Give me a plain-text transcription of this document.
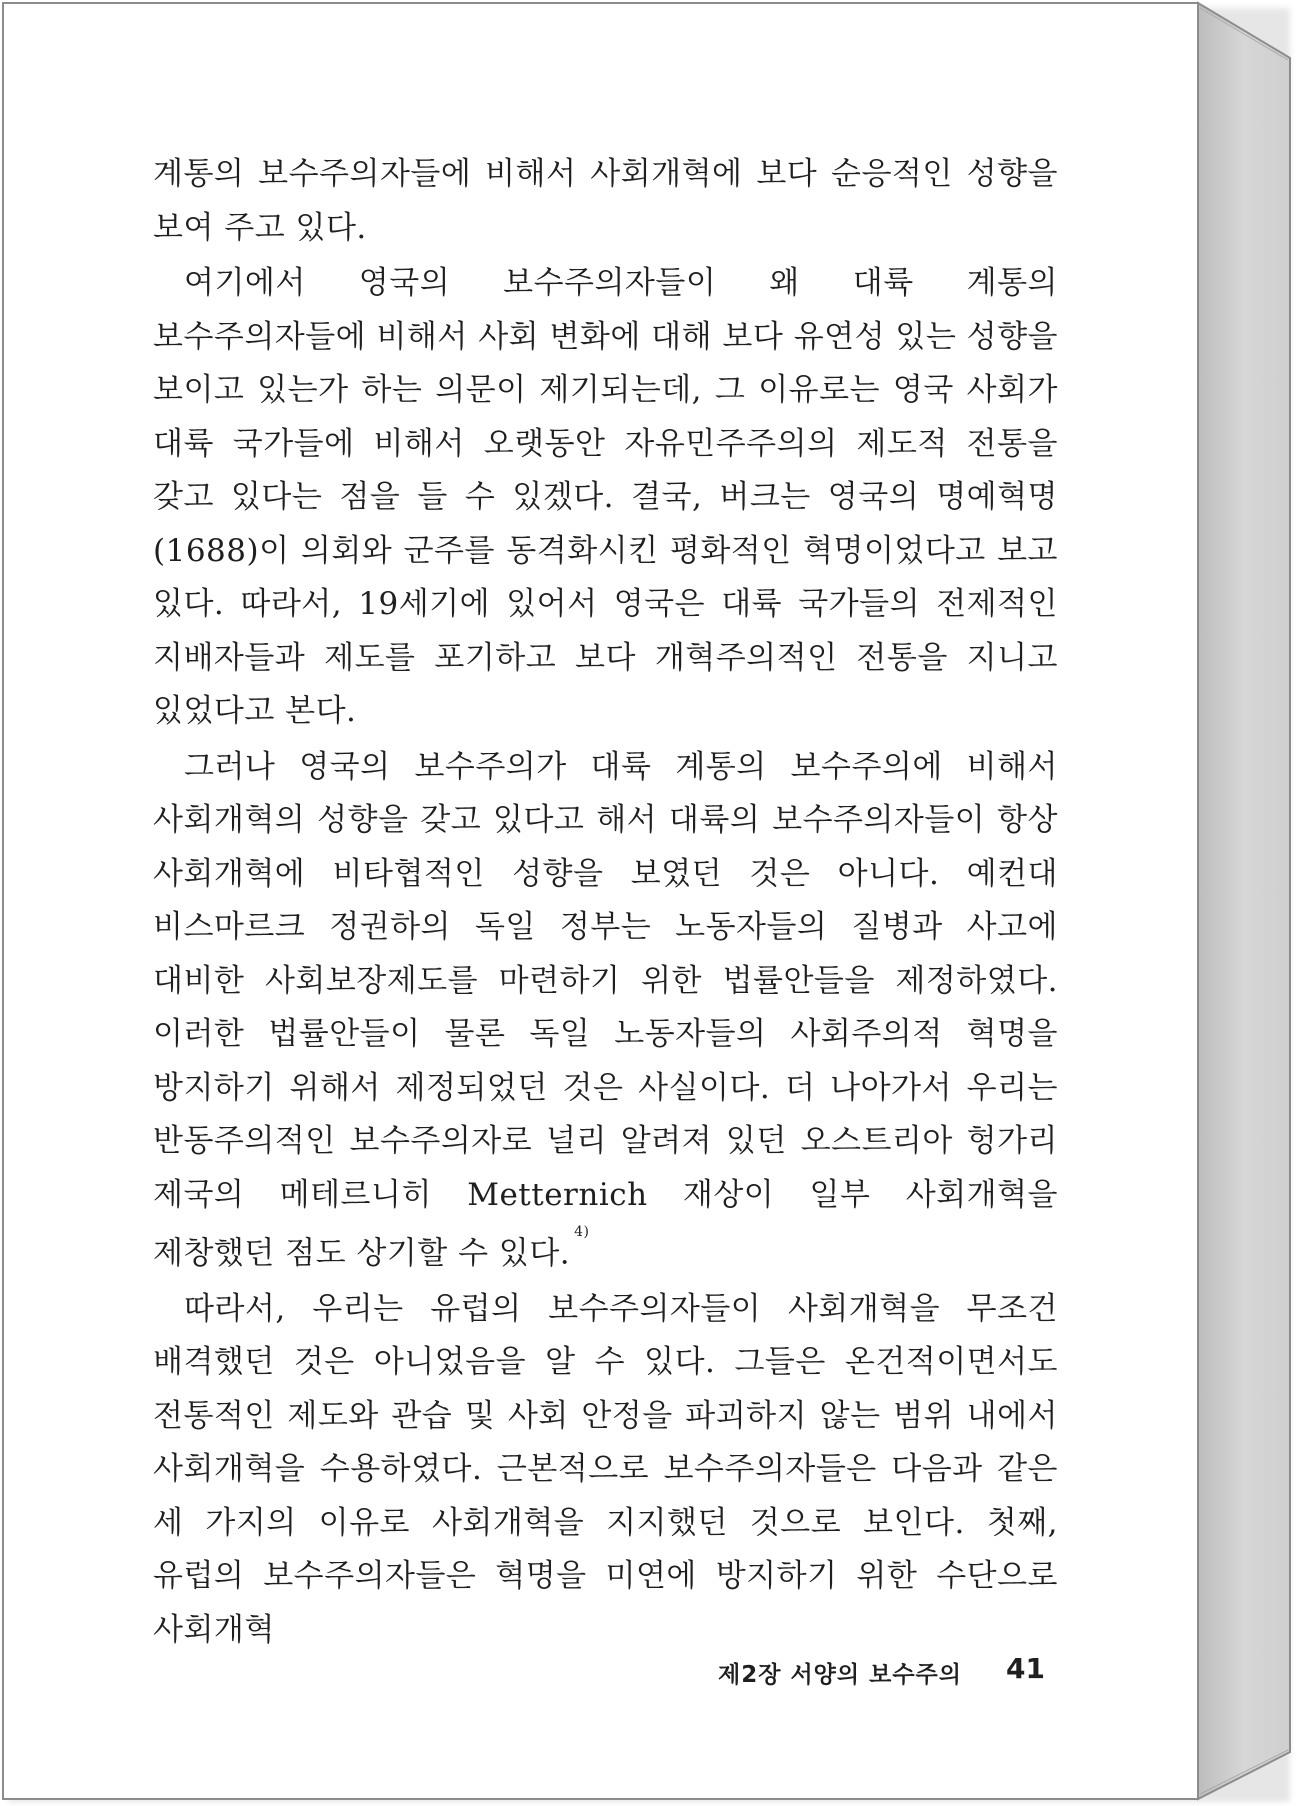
계통의 보수주의자들에 비해서 사회개혁에 보다 순응적인 성향을 보여 주고 있다.

여기에서 영국의 보수주의자들이 왜 대륙 계통의 보수주의자들에 비해서 사회 변화에 대해 보다 유연성 있는 성향을 보이고 있는가 하는 의문이 제기되는데, 그 이유로는 영국 사회가 대륙 국가들에 비해서 오랫동안 자유민주주의의 제도적 전통을 갖고 있다는 점을 들 수 있겠다. 결국, 버크는 영국의 명예혁명(1688)이 의회와 군주를 동격화시킨 평화적인 혁명이었다고 보고 있다. 따라서, 19세기에 있어서 영국은 대륙 국가들의 전제적인 지배자들과 제도를 포기하고 보다 개혁주의적인 전통을 지니고 있었다고 본다.

그러나 영국의 보수주의가 대륙 계통의 보수주의에 비해서 사회개혁의 성향을 갖고 있다고 해서 대륙의 보수주의자들이 항상 사회개혁에 비타협적인 성향을 보였던 것은 아니다. 예컨대 비스마르크 정권하의 독일 정부는 노동자들의 질병과 사고에 대비한 사회보장제도를 마련하기 위한 법률안들을 제정하였다. 이러한 법률안들이 물론 독일 노동자들의 사회주의적 혁명을 방지하기 위해서 제정되었던 것은 사실이다. 더 나아가서 우리는 반동주의적인 보수주의자로 널리 알려져 있던 오스트리아 헝가리 제국의 메테르니히 Metternich 재상이 일부 사회개혁을 제창했던 점도 상기할 수 있다.$^{4)}$

따라서, 우리는 유럽의 보수주의자들이 사회개혁을 무조건 배격했던 것은 아니었음을 알 수 있다. 그들은 온건적이면서도 전통적인 제도와 관습 및 사회 안정을 파괴하지 않는 범위 내에서 사회개혁을 수용하였다. 근본적으로 보수주의자들은 다음과 같은 세 가지의 이유로 사회개혁을 지지했던 것으로 보인다. 첫째, 유럽의 보수주의자들은 혁명을 미연에 방지하기 위한 수단으로 사회개혁

제2장 서양의 보수주의 41
